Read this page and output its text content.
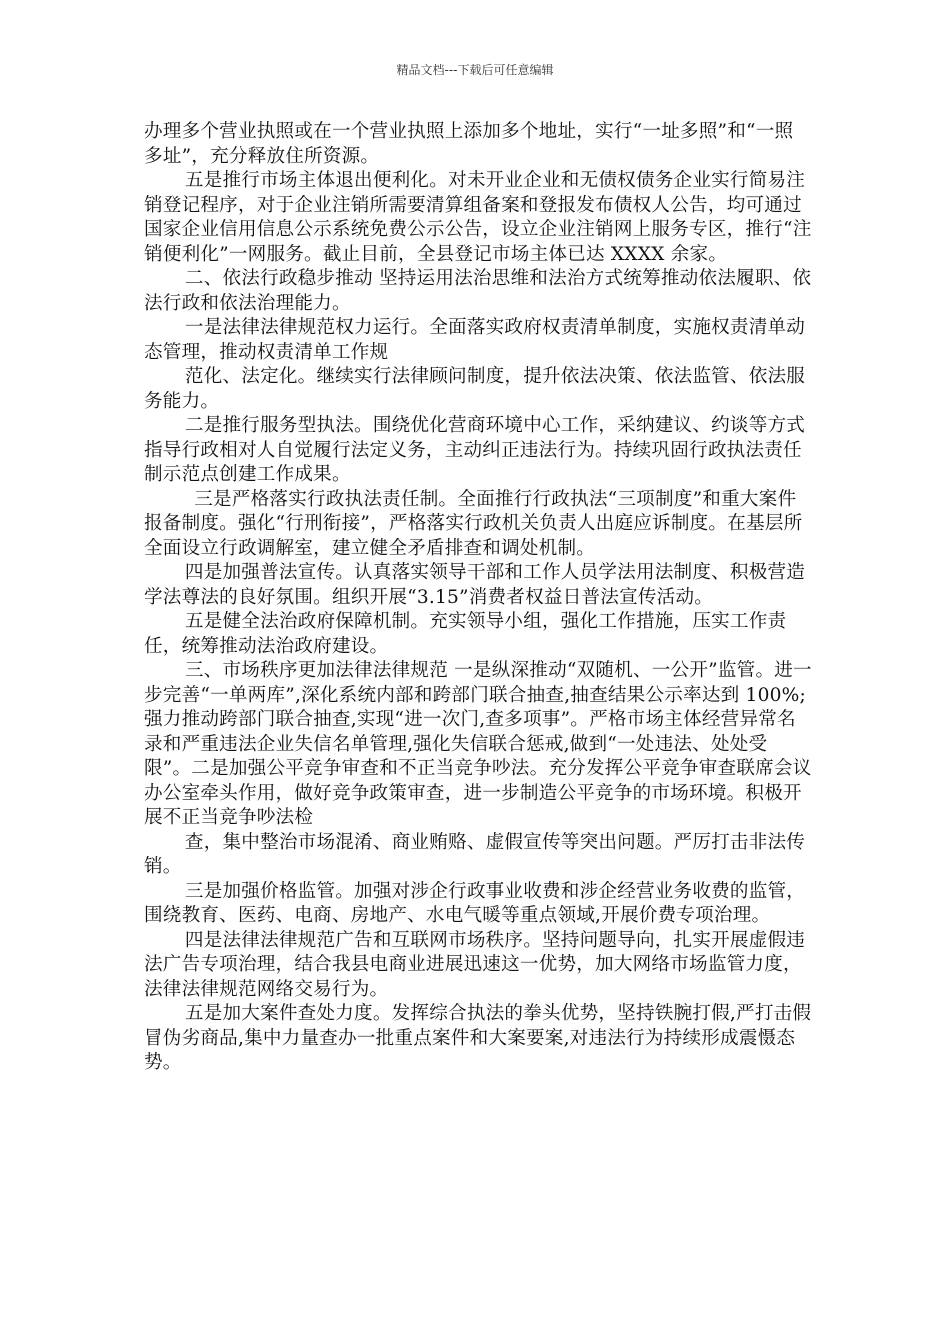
精品文档---下载后可任意编辑

办理多个营业执照或在一个营业执照上添加多个地址，实行“一址多照”和“一照多址”，充分释放住所资源。

五是推行市场主体退出便利化。对未开业企业和无债权债务企业实行简易注销登记程序，对于企业注销所需要清算组备案和登报发布债权人公告，均可通过国家企业信用信息公示系统免费公示公告，设立企业注销网上服务专区，推行“注销便利化”一网服务。截止目前，全县登记市场主体已达 XXXX 余家。

二、依法行政稳步推动 坚持运用法治思维和法治方式统筹推动依法履职、依法行政和依法治理能力。

一是法律法律规范权力运行。全面落实政府权责清单制度，实施权责清单动态管理，推动权责清单工作规

范化、法定化。继续实行法律顾问制度，提升依法决策、依法监管、依法服务能力。

二是推行服务型执法。围绕优化营商环境中心工作，采纳建议、约谈等方式指导行政相对人自觉履行法定义务，主动纠正违法行为。持续巩固行政执法责任制示范点创建工作成果。

三是严格落实行政执法责任制。全面推行行政执法“三项制度”和重大案件报备制度。强化“行刑衔接”，严格落实行政机关负责人出庭应诉制度。在基层所全面设立行政调解室，建立健全矛盾排查和调处机制。

四是加强普法宣传。认真落实领导干部和工作人员学法用法制度、积极营造学法尊法的良好氛围。组织开展“3.15”消费者权益日普法宣传活动。

五是健全法治政府保障机制。充实领导小组，强化工作措施，压实工作责任，统筹推动法治政府建设。

三、市场秩序更加法律法律规范 一是纵深推动“双随机、一公开”监管。进一步完善“一单两库”,深化系统内部和跨部门联合抽查,抽查结果公示率达到 100%;强力推动跨部门联合抽查,实现“进一次门,查多项事”。严格市场主体经营异常名录和严重违法企业失信名单管理,强化失信联合惩戒,做到“一处违法、处处受限”。二是加强公平竞争审查和不正当竞争吵法。充分发挥公平竞争审查联席会议办公室牵头作用，做好竞争政策审查，进一步制造公平竞争的市场环境。积极开展不正当竞争吵法检

查，集中整治市场混淆、商业贿赂、虚假宣传等突出问题。严厉打击非法传销。

三是加强价格监管。加强对涉企行政事业收费和涉企经营业务收费的监管，围绕教育、医药、电商、房地产、水电气暖等重点领域,开展价费专项治理。

四是法律法律规范广告和互联网市场秩序。坚持问题导向，扎实开展虚假违法广告专项治理，结合我县电商业进展迅速这一优势，加大网络市场监管力度，法律法律规范网络交易行为。

五是加大案件查处力度。发挥综合执法的拳头优势，坚持铁腕打假,严打击假冒伪劣商品,集中力量查办一批重点案件和大案要案,对违法行为持续形成震慑态势。
